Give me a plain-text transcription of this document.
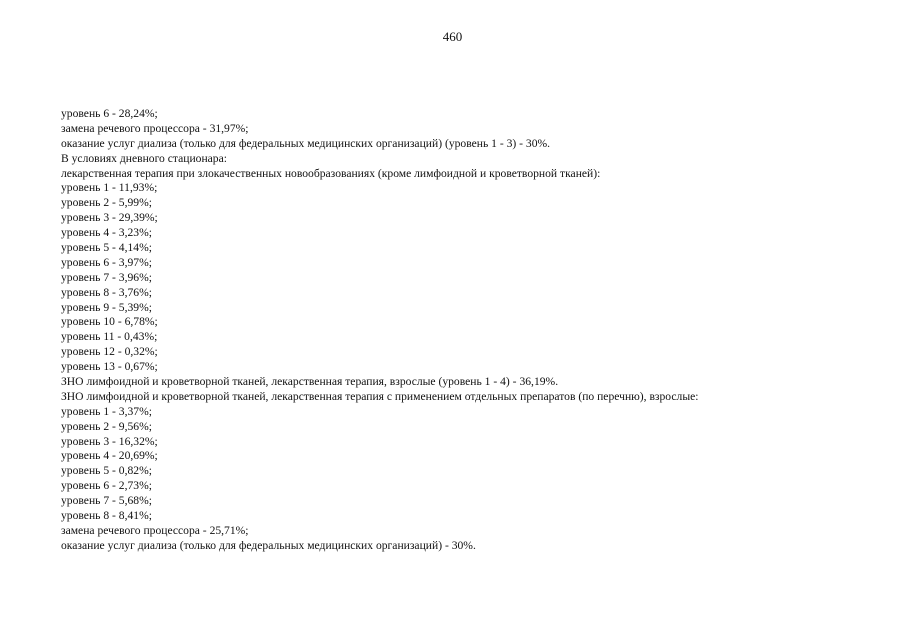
460
уровень 6 - 28,24%;
замена речевого процессора - 31,97%;
оказание услуг диализа (только для федеральных медицинских организаций) (уровень 1 - 3) - 30%.
В условиях дневного стационара:
лекарственная терапия при злокачественных новообразованиях (кроме лимфоидной и кроветворной тканей):
уровень 1 - 11,93%;
уровень 2 - 5,99%;
уровень 3 - 29,39%;
уровень 4 - 3,23%;
уровень 5 - 4,14%;
уровень 6 - 3,97%;
уровень 7 - 3,96%;
уровень 8 - 3,76%;
уровень 9 - 5,39%;
уровень 10 - 6,78%;
уровень 11 - 0,43%;
уровень 12 - 0,32%;
уровень 13 - 0,67%;
ЗНО лимфоидной и кроветворной тканей, лекарственная терапия, взрослые (уровень 1 - 4) - 36,19%.
ЗНО лимфоидной и кроветворной тканей, лекарственная терапия с применением отдельных препаратов (по перечню), взрослые:
уровень 1 - 3,37%;
уровень 2 - 9,56%;
уровень 3 - 16,32%;
уровень 4 - 20,69%;
уровень 5 - 0,82%;
уровень 6 - 2,73%;
уровень 7 - 5,68%;
уровень 8 - 8,41%;
замена речевого процессора - 25,71%;
оказание услуг диализа (только для федеральных медицинских организаций) - 30%.
